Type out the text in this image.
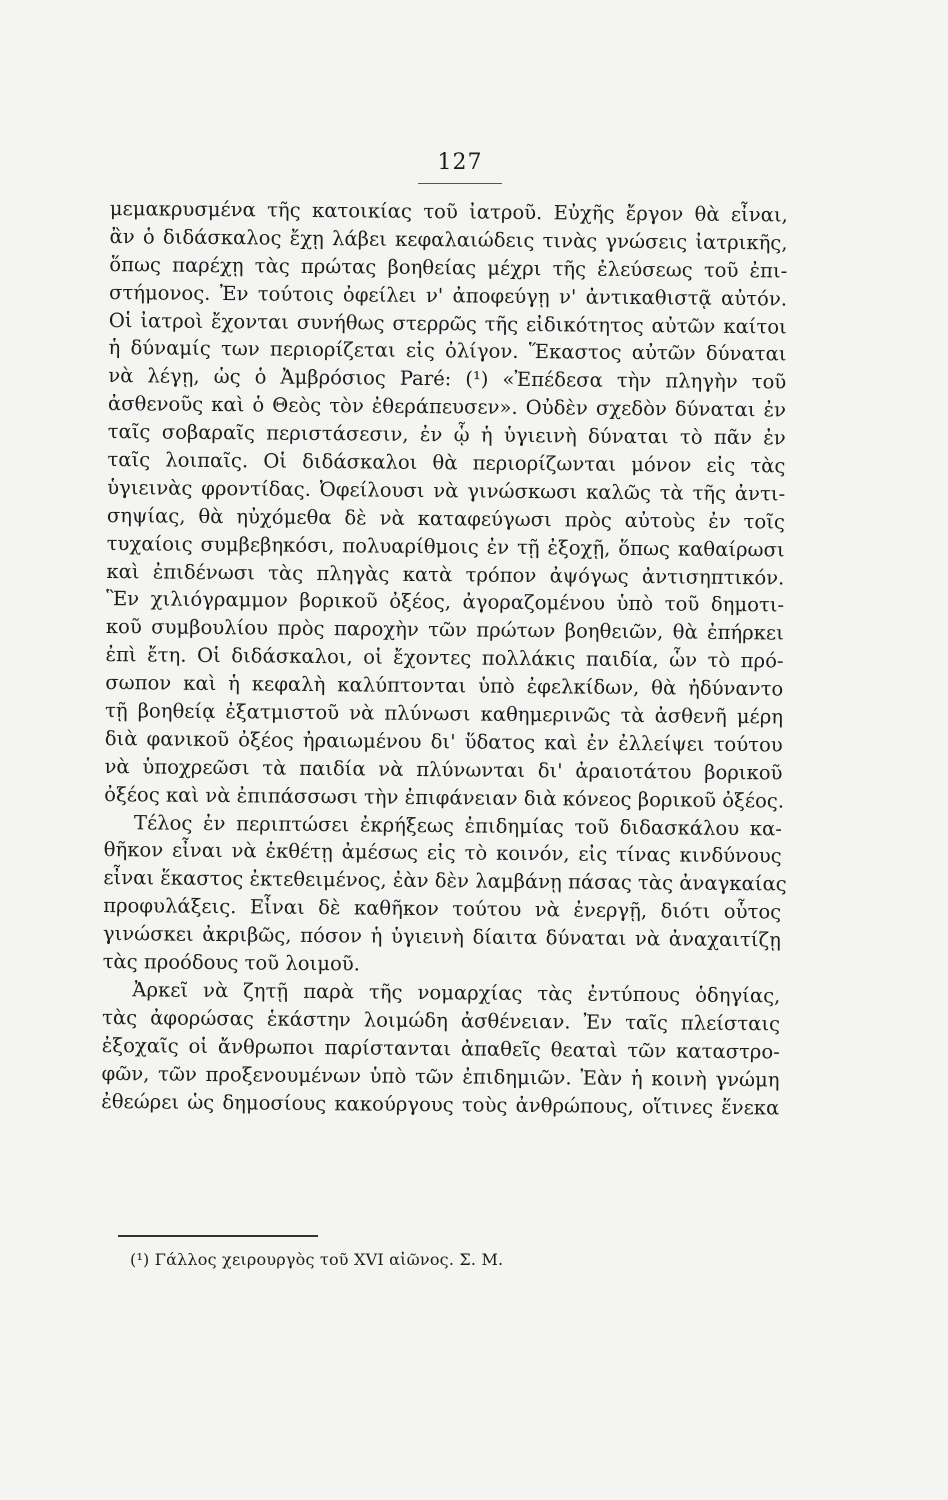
127
μεμακρυσμένα τῆς κατοικίας τοῦ ἰατροῦ. Εὐχῆς ἔργον θὰ εἶναι,
ἂν ὁ διδάσκαλος ἔχῃ λάβει κεφαλαιώδεις τινὰς γνώσεις ἰατρικῆς,
ὅπως παρέχῃ τὰς πρώτας βοηθείας μέχρι τῆς ἐλεύσεως τοῦ ἐπι-
στήμονος. Ἐν τούτοις ὀφείλει ν' ἀποφεύγῃ ν' ἀντικαθιστᾷ αὐτόν.
Οἱ ἰατροὶ ἔχονται συνήθως στερρῶς τῆς εἰδικότητος αὐτῶν καίτοι
ἡ δύναμίς των περιορίζεται εἰς ὀλίγον. Ἕκαστος αὐτῶν δύναται
νὰ λέγῃ, ὡς ὁ Ἀμβρόσιος Paré: (¹) «Ἐπέδεσα τὴν πληγὴν τοῦ
ἀσθενοῦς καὶ ὁ Θεὸς τὸν ἐθεράπευσεν». Οὐδὲν σχεδὸν δύναται ἐν
ταῖς σοβαραῖς περιστάσεσιν, ἐν ᾧ ἡ ὑγιεινὴ δύναται τὸ πᾶν ἐν
ταῖς λοιπαῖς. Οἱ διδάσκαλοι θὰ περιορίζωνται μόνον εἰς τὰς
ὑγιεινὰς φροντίδας. Ὀφείλουσι νὰ γινώσκωσι καλῶς τὰ τῆς ἀντι-
σηψίας, θὰ ηὐχόμεθα δὲ νὰ καταφεύγωσι πρὸς αὐτοὺς ἐν τοῖς
τυχαίοις συμβεβηκόσι, πολυαρίθμοις ἐν τῇ ἐξοχῇ, ὅπως καθαίρωσι
καὶ ἐπιδένωσι τὰς πληγὰς κατὰ τρόπον ἀψόγως ἀντισηπτικόν.
Ἓν χιλιόγραμμον βορικοῦ ὀξέος, ἀγοραζομένου ὑπὸ τοῦ δημοτι-
κοῦ συμβουλίου πρὸς παροχὴν τῶν πρώτων βοηθειῶν, θὰ ἐπήρκει
ἐπὶ ἔτη. Οἱ διδάσκαλοι, οἱ ἔχοντες πολλάκις παιδία, ὧν τὸ πρό-
σωπον καὶ ἡ κεφαλὴ καλύπτονται ὑπὸ ἐφελκίδων, θὰ ἠδύναντο
τῇ βοηθείᾳ ἐξατμιστοῦ νὰ πλύνωσι καθημερινῶς τὰ ἀσθενῆ μέρη
διὰ φανικοῦ ὀξέος ἠραιωμένου δι' ὕδατος καὶ ἐν ἐλλείψει τούτου
νὰ ὑποχρεῶσι τὰ παιδία νὰ πλύνωνται δι' ἀραιοτάτου βορικοῦ
ὀξέος καὶ νὰ ἐπιπάσσωσι τὴν ἐπιφάνειαν διὰ κόνεος βορικοῦ ὀξέος.
Τέλος ἐν περιπτώσει ἐκρήξεως ἐπιδημίας τοῦ διδασκάλου κα-
θῆκον εἶναι νὰ ἐκθέτῃ ἀμέσως εἰς τὸ κοινόν, εἰς τίνας κινδύνους
εἶναι ἕκαστος ἐκτεθειμένος, ἐὰν δὲν λαμβάνῃ πάσας τὰς ἀναγκαίας
προφυλάξεις. Εἶναι δὲ καθῆκον τούτου νὰ ἐνεργῇ, διότι οὗτος
γινώσκει ἀκριβῶς, πόσον ἡ ὑγιεινὴ δίαιτα δύναται νὰ ἀναχαιτίζῃ
τὰς προόδους τοῦ λοιμοῦ.
Ἀρκεῖ νὰ ζητῇ παρὰ τῆς νομαρχίας τὰς ἐντύπους ὁδηγίας,
τὰς ἀφορώσας ἑκάστην λοιμώδη ἀσθένειαν. Ἐν ταῖς πλείσταις
ἐξοχαῖς οἱ ἄνθρωποι παρίστανται ἀπαθεῖς θεαταὶ τῶν καταστρο-
φῶν, τῶν προξενουμένων ὑπὸ τῶν ἐπιδημιῶν. Ἐὰν ἡ κοινὴ γνώμη
ἐθεώρει ὡς δημοσίους κακούργους τοὺς ἀνθρώπους, οἵτινες ἕνεκα
(¹) Γάλλος χειρουργὸς τοῦ XVI αἰῶνος. Σ. Μ.
